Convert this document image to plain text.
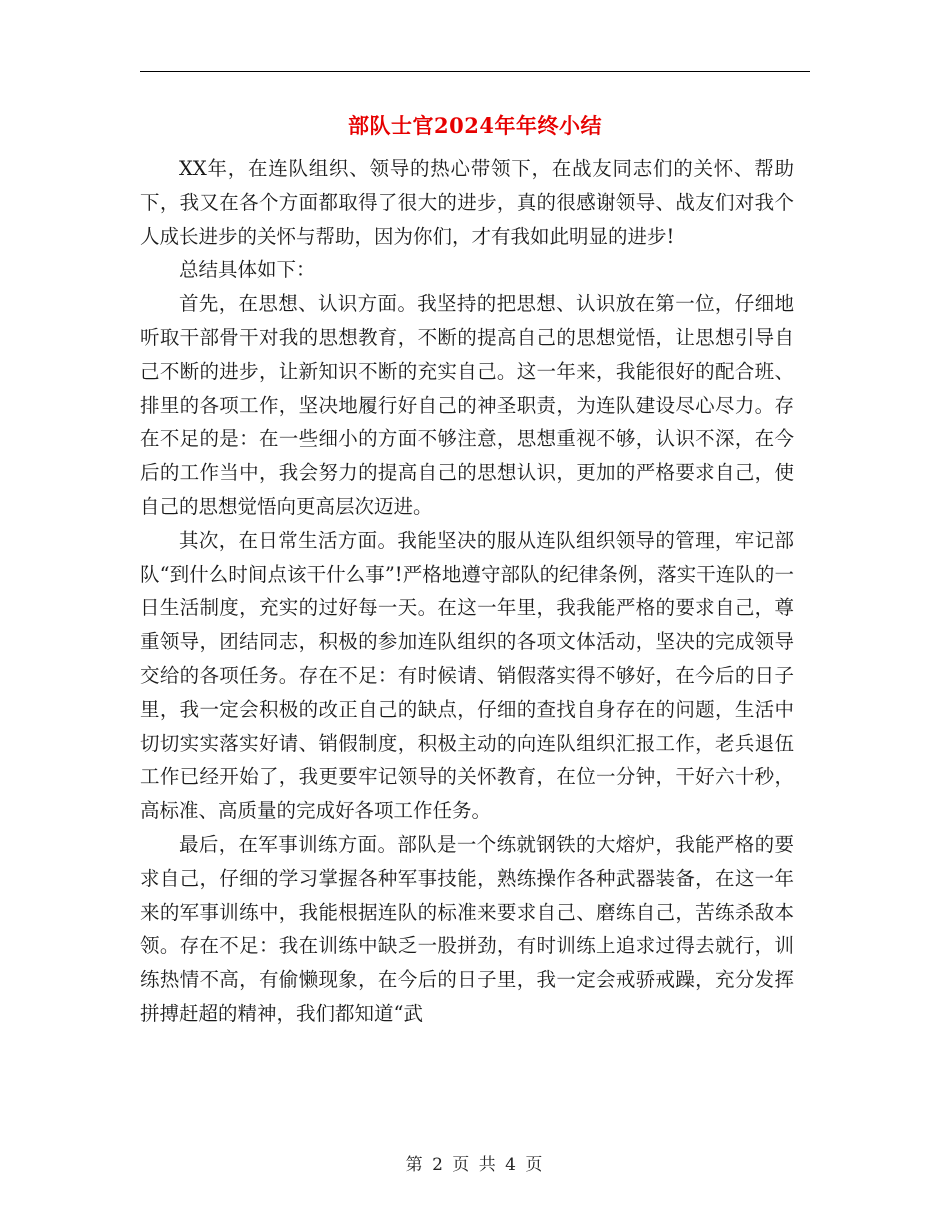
部队士官2024年年终小结

XX年，在连队组织、领导的热心带领下，在战友同志们的关怀、帮助下，我又在各个方面都取得了很大的进步，真的很感谢领导、战友们对我个人成长进步的关怀与帮助，因为你们，才有我如此明显的进步!

总结具体如下：

首先，在思想、认识方面。我坚持的把思想、认识放在第一位，仔细地听取干部骨干对我的思想教育，不断的提高自己的思想觉悟，让思想引导自己不断的进步，让新知识不断的充实自己。这一年来，我能很好的配合班、排里的各项工作，坚决地履行好自己的神圣职责，为连队建设尽心尽力。存在不足的是：在一些细小的方面不够注意，思想重视不够，认识不深，在今后的工作当中，我会努力的提高自己的思想认识，更加的严格要求自己，使自己的思想觉悟向更高层次迈进。

其次，在日常生活方面。我能坚决的服从连队组织领导的管理，牢记部队“到什么时间点该干什么事”!严格地遵守部队的纪律条例，落实干连队的一日生活制度，充实的过好每一天。在这一年里，我我能严格的要求自己，尊重领导，团结同志，积极的参加连队组织的各项文体活动，坚决的完成领导交给的各项任务。存在不足：有时候请、销假落实得不够好，在今后的日子里，我一定会积极的改正自己的缺点，仔细的查找自身存在的问题，生活中切切实实落实好请、销假制度，积极主动的向连队组织汇报工作，老兵退伍工作已经开始了，我更要牢记领导的关怀教育，在位一分钟，干好六十秒，高标准、高质量的完成好各项工作任务。

最后，在军事训练方面。部队是一个练就钢铁的大熔炉，我能严格的要求自己，仔细的学习掌握各种军事技能，熟练操作各种武器装备，在这一年来的军事训练中，我能根据连队的标准来要求自己、磨练自己，苦练杀敌本领。存在不足：我在训练中缺乏一股拼劲，有时训练上追求过得去就行，训练热情不高，有偷懒现象，在今后的日子里，我一定会戒骄戒躁，充分发挥拼搏赶超的精神，我们都知道“武

第 2 页 共 4 页
